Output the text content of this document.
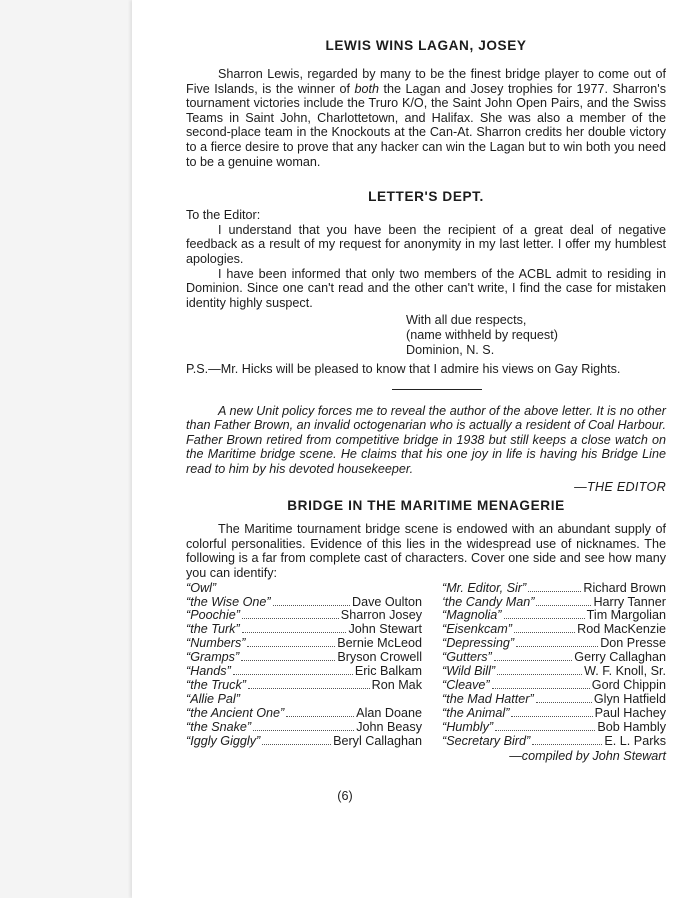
LEWIS WINS LAGAN, JOSEY

Sharron Lewis, regarded by many to be the finest bridge player to come out of Five Islands, is the winner of both the Lagan and Josey trophies for 1977. Sharron's tournament victories include the Truro K/O, the Saint John Open Pairs, and the Swiss Teams in Saint John, Charlottetown, and Halifax. She was also a member of the second-place team in the Knockouts at the Can-At. Sharron credits her double victory to a fierce desire to prove that any hacker can win the Lagan but to win both you need to be a genuine woman.

LETTER'S DEPT.

To the Editor:

I understand that you have been the recipient of a great deal of negative feedback as a result of my request for anonymity in my last letter. I offer my humblest apologies.

I have been informed that only two members of the ACBL admit to residing in Dominion. Since one can't read and the other can't write, I find the case for mistaken identity highly suspect.

With all due respects,
(name withheld by request)
Dominion, N. S.

P.S.—Mr. Hicks will be pleased to know that I admire his views on Gay Rights.

A new Unit policy forces me to reveal the author of the above letter. It is no other than Father Brown, an invalid octogenarian who is actually a resident of Coal Harbour. Father Brown retired from competitive bridge in 1938 but still keeps a close watch on the Maritime bridge scene. He claims that his one joy in life is having his Bridge Line read to him by his devoted housekeeper.

—THE EDITOR
BRIDGE IN THE MARITIME MENAGERIE

The Maritime tournament bridge scene is endowed with an abundant supply of colorful personalities. Evidence of this lies in the widespread use of nicknames. The following is a far from complete cast of characters. Cover one side and see how many you can identify:

“Owl”
“the Wise One”	Dave Oulton
“Poochie”	Sharron Josey
“the Turk”	John Stewart
“Numbers”	Bernie McLeod
“Gramps”	Bryson Crowell
“Hands”	Eric Balkam
“the Truck”	Ron Mak
“Allie Pal”
“the Ancient One”	Alan Doane
“the Snake”	John Beasy
“Iggly Giggly”	Beryl Callaghan
“Mr. Editor, Sir”	Richard Brown
‘the Candy Man”	Harry Tanner
“Magnolia”	Tim Margolian
“Eisenkcam”	Rod MacKenzie
“Depressing”	Don Presse
“Gutters”	Gerry Callaghan
“Wild Bill”	W. F. Knoll, Sr.
“Cleave”	Gord Chippin
“the Mad Hatter”	Glyn Hatfield
“the Animal”	Paul Hachey
“Humbly”	Bob Hambly
“Secretary Bird”	E. L. Parks
—compiled by John Stewart
(6)
